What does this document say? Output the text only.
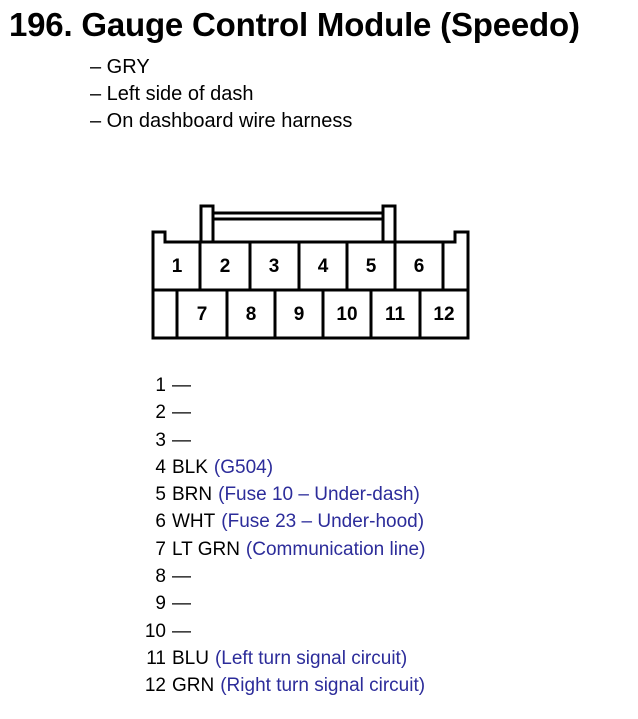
196. Gauge Control Module (Speedo)
– GRY
– Left side of dash
– On dashboard wire harness
1 2 3 4 5 6
7 8 9 10 11 12
1 —
2 —
3 —
4 BLK (G504)
5 BRN (Fuse 10 – Under-dash)
6 WHT (Fuse 23 – Under-hood)
7 LT GRN (Communication line)
8 —
9 —
10 —
11 BLU (Left turn signal circuit)
12 GRN (Right turn signal circuit)
